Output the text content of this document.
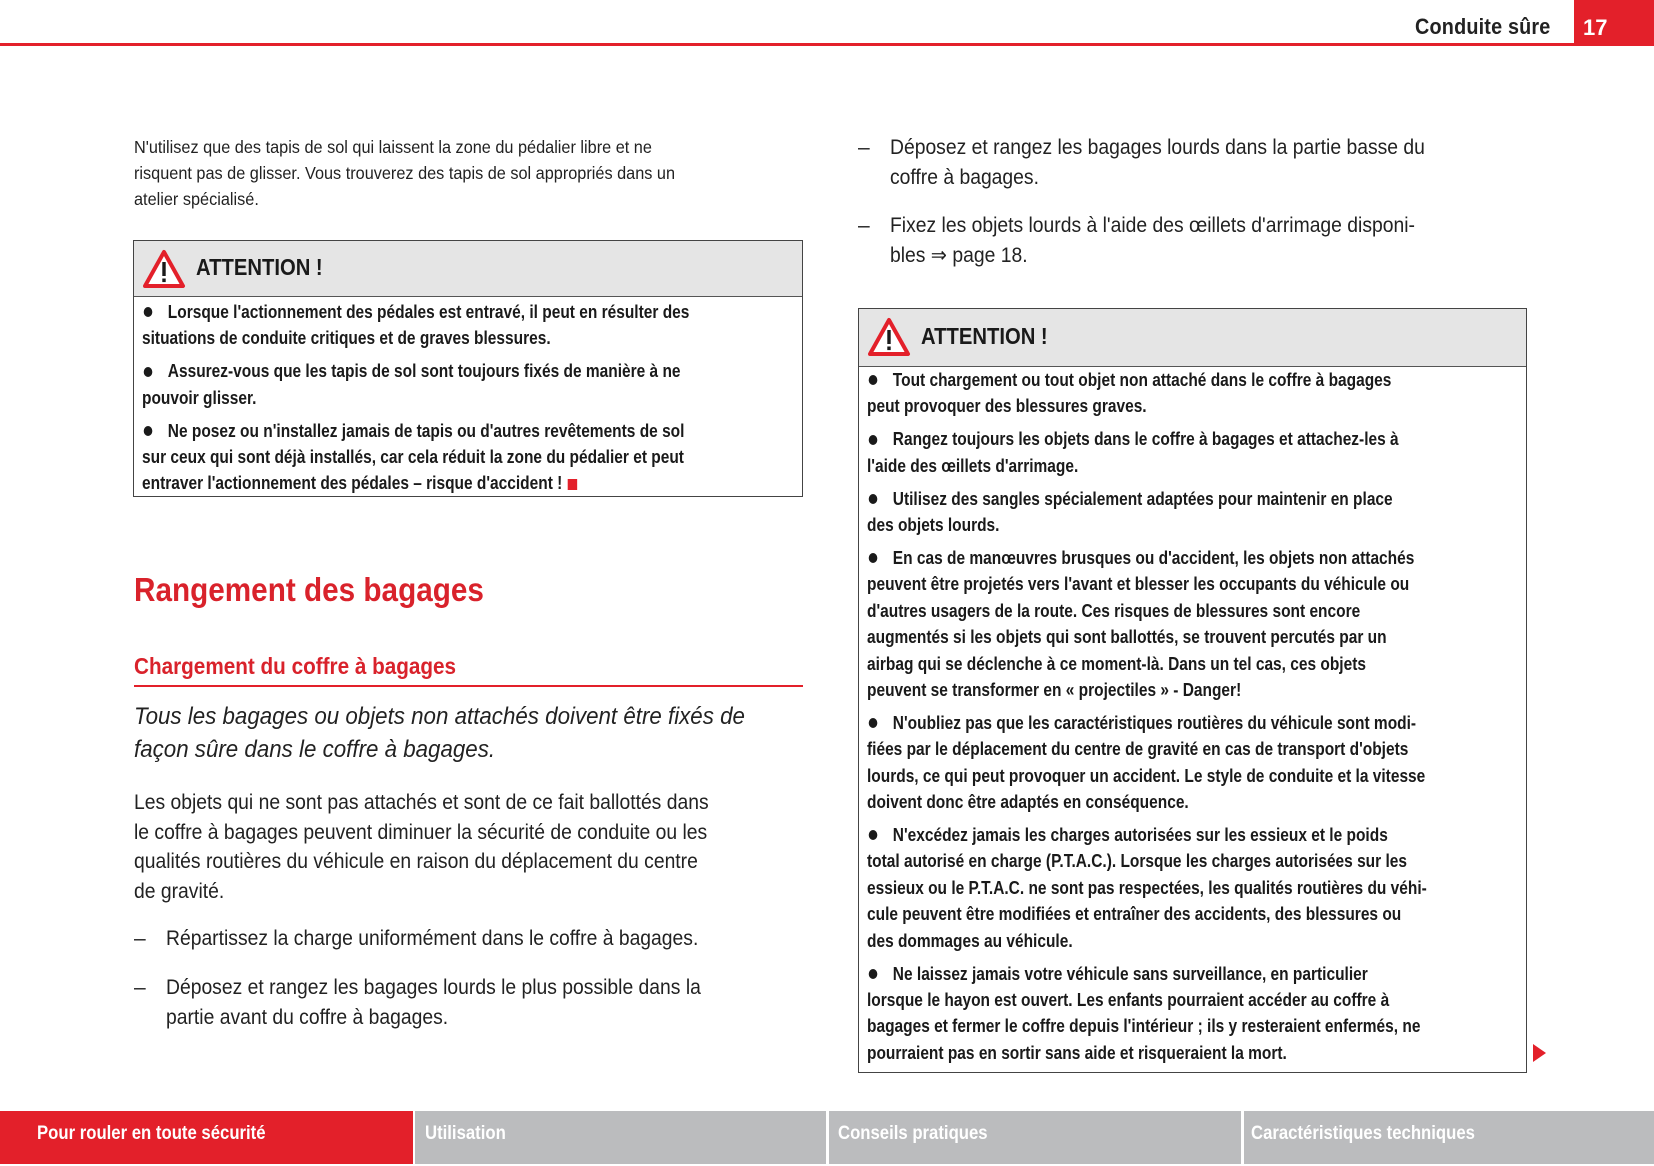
Conduite sûre 17
N'utilisez que des tapis de sol qui laissent la zone du pédalier libre et ne
risquent pas de glisser. Vous trouverez des tapis de sol appropriés dans un
atelier spécialisé.
ATTENTION !
Lorsque l'actionnement des pédales est entravé, il peut en résulter des
situations de conduite critiques et de graves blessures.
Assurez-vous que les tapis de sol sont toujours fixés de manière à ne
pouvoir glisser.
Ne posez ou n'installez jamais de tapis ou d'autres revêtements de sol
sur ceux qui sont déjà installés, car cela réduit la zone du pédalier et peut
entraver l'actionnement des pédales – risque d'accident !
Rangement des bagages
Chargement du coffre à bagages
Tous les bagages ou objets non attachés doivent être fixés de
façon sûre dans le coffre à bagages.
Les objets qui ne sont pas attachés et sont de ce fait ballottés dans
le coffre à bagages peuvent diminuer la sécurité de conduite ou les
qualités routières du véhicule en raison du déplacement du centre
de gravité.
– Répartissez la charge uniformément dans le coffre à bagages.
– Déposez et rangez les bagages lourds le plus possible dans la
partie avant du coffre à bagages.
– Déposez et rangez les bagages lourds dans la partie basse du
coffre à bagages.
– Fixez les objets lourds à l'aide des œillets d'arrimage disponi-
bles ⇒ page 18.
ATTENTION !
Tout chargement ou tout objet non attaché dans le coffre à bagages
peut provoquer des blessures graves.
Rangez toujours les objets dans le coffre à bagages et attachez-les à
l'aide des œillets d'arrimage.
Utilisez des sangles spécialement adaptées pour maintenir en place
des objets lourds.
En cas de manœuvres brusques ou d'accident, les objets non attachés
peuvent être projetés vers l'avant et blesser les occupants du véhicule ou
d'autres usagers de la route. Ces risques de blessures sont encore
augmentés si les objets qui sont ballottés, se trouvent percutés par un
airbag qui se déclenche à ce moment-là. Dans un tel cas, ces objets
peuvent se transformer en « projectiles » - Danger!
N'oubliez pas que les caractéristiques routières du véhicule sont modi-
fiées par le déplacement du centre de gravité en cas de transport d'objets
lourds, ce qui peut provoquer un accident. Le style de conduite et la vitesse
doivent donc être adaptés en conséquence.
N'excédez jamais les charges autorisées sur les essieux et le poids
total autorisé en charge (P.T.A.C.). Lorsque les charges autorisées sur les
essieux ou le P.T.A.C. ne sont pas respectées, les qualités routières du véhi-
cule peuvent être modifiées et entraîner des accidents, des blessures ou
des dommages au véhicule.
Ne laissez jamais votre véhicule sans surveillance, en particulier
lorsque le hayon est ouvert. Les enfants pourraient accéder au coffre à
bagages et fermer le coffre depuis l'intérieur ; ils y resteraient enfermés, ne
pourraient pas en sortir sans aide et risqueraient la mort.
Pour rouler en toute sécurité	Utilisation	Conseils pratiques	Caractéristiques techniques
